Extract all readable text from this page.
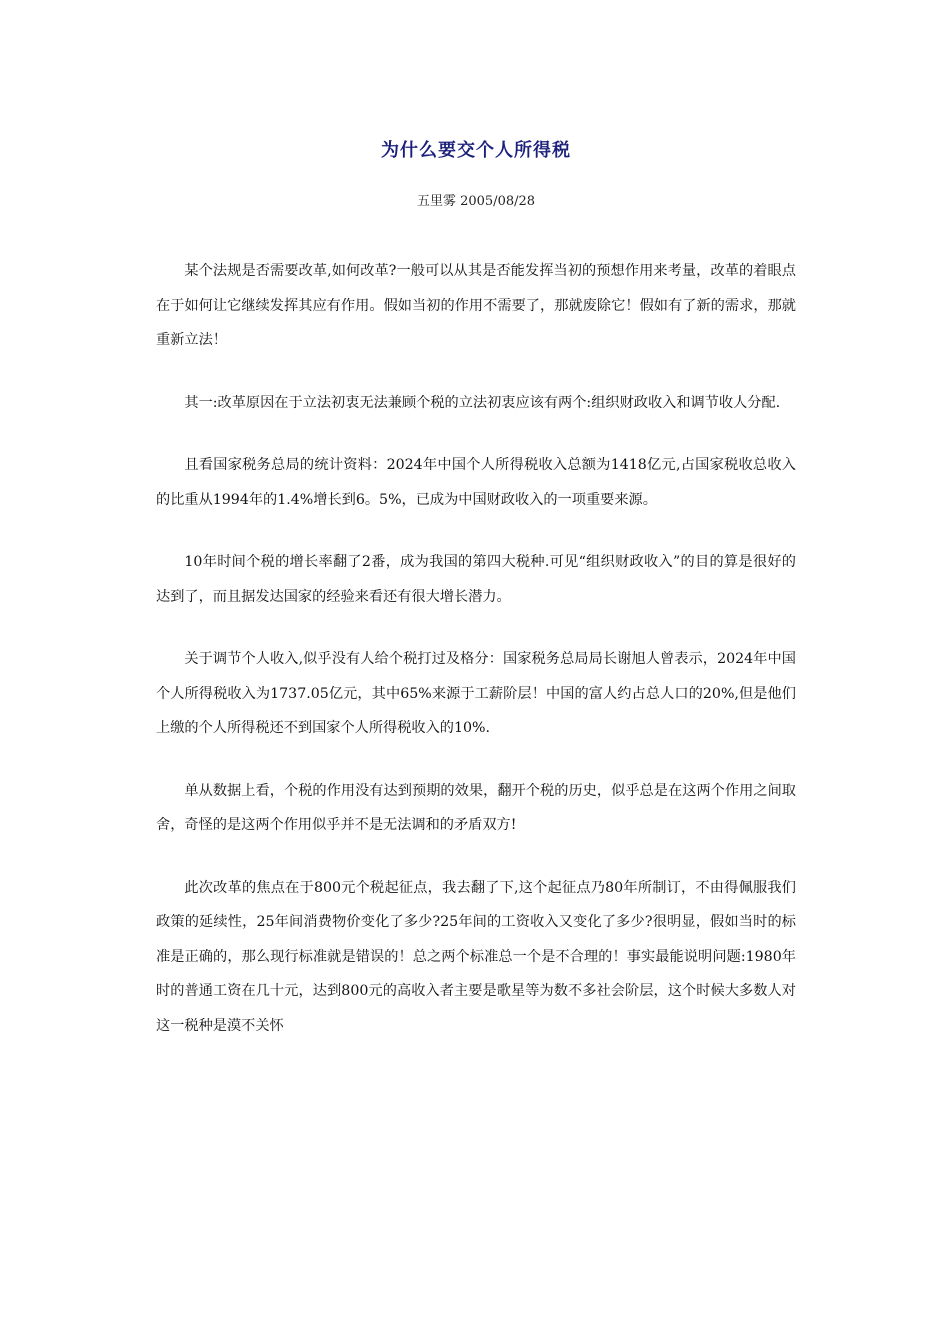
为什么要交个人所得税

五里雾 2005/08/28

某个法规是否需要改革,如何改革?一般可以从其是否能发挥当初的预想作用来考量，改革的着眼点在于如何让它继续发挥其应有作用。假如当初的作用不需要了，那就废除它！假如有了新的需求，那就重新立法！

其一:改革原因在于立法初衷无法兼顾个税的立法初衷应该有两个:组织财政收入和调节收人分配.

且看国家税务总局的统计资料：2024年中国个人所得税收入总额为1418亿元,占国家税收总收入的比重从1994年的1.4%增长到6。5%，已成为中国财政收入的一项重要来源。

10年时间个税的增长率翻了2番，成为我国的第四大税种.可见“组织财政收入”的目的算是很好的达到了，而且据发达国家的经验来看还有很大增长潜力。

关于调节个人收入,似乎没有人给个税打过及格分：国家税务总局局长谢旭人曾表示，2024年中国个人所得税收入为1737.05亿元，其中65%来源于工薪阶层！中国的富人约占总人口的20%,但是他们上缴的个人所得税还不到国家个人所得税收入的10%.

单从数据上看，个税的作用没有达到预期的效果，翻开个税的历史，似乎总是在这两个作用之间取舍，奇怪的是这两个作用似乎并不是无法调和的矛盾双方!

此次改革的焦点在于800元个税起征点，我去翻了下,这个起征点乃80年所制订，不由得佩服我们政策的延续性，25年间消费物价变化了多少?25年间的工资收入又变化了多少?很明显，假如当时的标准是正确的，那么现行标准就是错误的！总之两个标准总一个是不合理的！事实最能说明问题:1980年时的普通工资在几十元，达到800元的高收入者主要是歌星等为数不多社会阶层，这个时候大多数人对这一税种是漠不关怀
